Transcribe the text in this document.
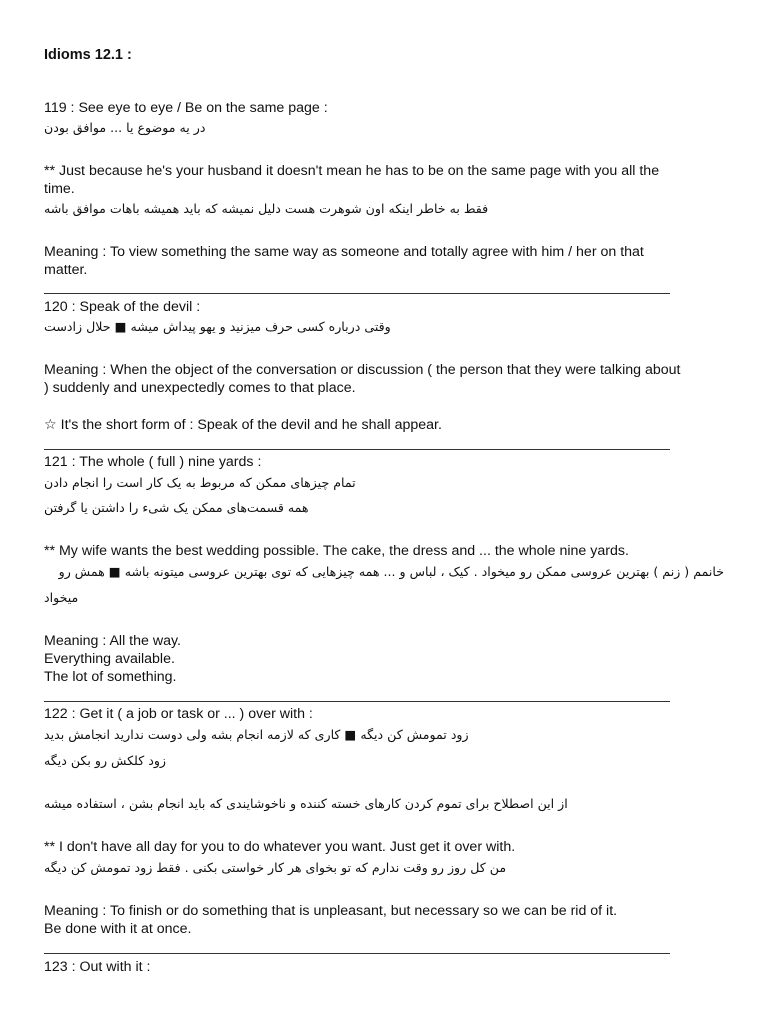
Idioms 12.1 :
119 : See eye to eye / Be on the same page :
در یه موضوع یا ... موافق بودن
** Just because he's your husband it doesn't mean he has to be on the same page with you all the
time.
فقط به خاطر اینکه اون شوهرت هست دلیل نمیشه که باید همیشه باهات موافق باشه
Meaning : To view something the same way as someone and totally agree with him / her on that
matter.
120 : Speak of the devil :
وقتی درباره کسی حرف میزنید و یهو پیداش میشه ■ حلال زادست
Meaning : When the object of the conversation or discussion ( the person that they were talking about
) suddenly and unexpectedly comes to that place.
☆ It's the short form of : Speak of the devil and he shall appear.
121 : The whole ( full ) nine yards :
تمام چیزهای ممکن که مربوط به یک کار است را انجام دادن
همه قسمت‌های ممکن یک شیء را داشتن یا گرفتن
** My wife wants the best wedding possible. The cake, the dress and ... the whole nine yards.
خانمم ( زنم ) بهترین عروسی ممکن رو میخواد . کیک ، لباس و ... همه چیزهایی که توی بهترین عروسی میتونه باشه ■ همش رو
میخواد
Meaning : All the way.
Everything available.
The lot of something.
122 : Get it ( a job or task or ... ) over with :
زود تمومش کن دیگه ■ کاری که لازمه انجام بشه ولی دوست ندارید انجامش بدید
زود کلکش رو بکن دیگه
از این اصطلاح برای تموم کردن کارهای خسته کننده و ناخوشایندی که باید انجام بشن ، استفاده میشه
** I don't have all day for you to do whatever you want. Just get it over with.
من کل روز رو وقت ندارم که تو بخوای هر کار خواستی بکنی . فقط زود تمومش کن دیگه
Meaning : To finish or do something that is unpleasant, but necessary so we can be rid of it.
Be done with it at once.
123 : Out with it :
